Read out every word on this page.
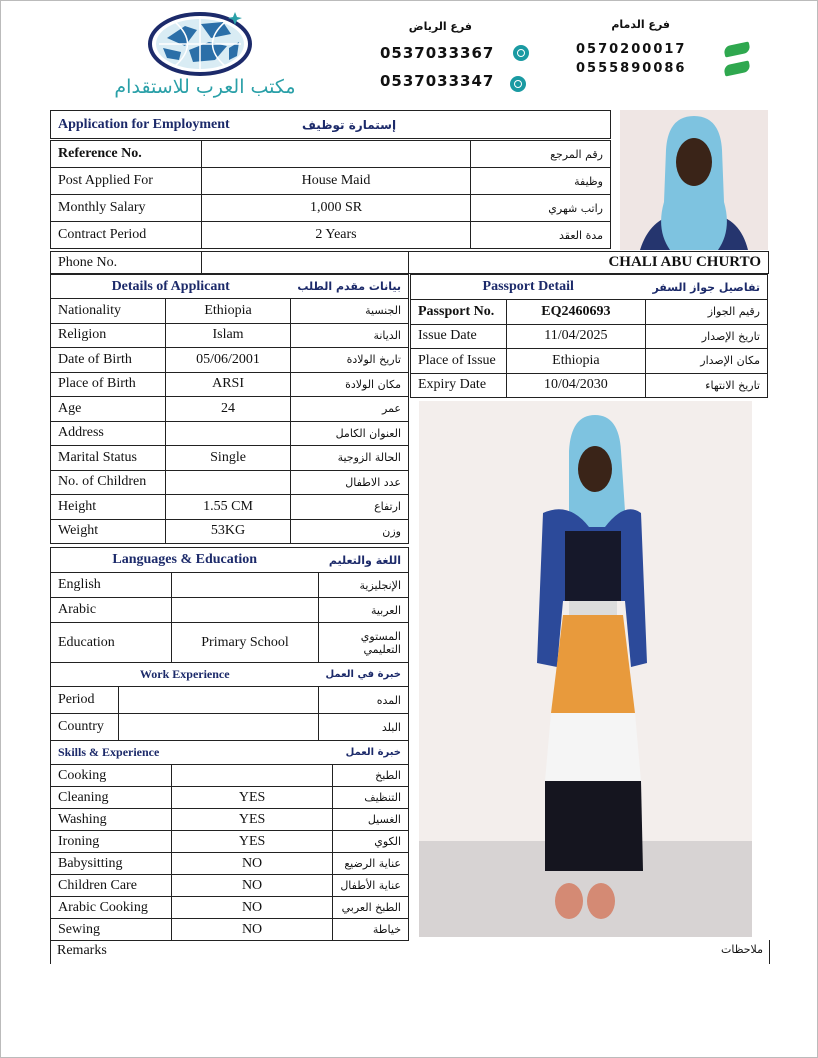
مكتب العرب للاستقدام
فرع الرياض	فرع الدمام
0537033367
0537033347
0570200017
0555890086
Application for Employment	إستمارة توظيف
Reference No.		رقم المرجع
Post Applied For	House Maid	وظيفة
Monthly Salary	1,000 SR	راتب شهري
Contract Period	2 Years	مدة العقد
Phone No.		CHALI ABU CHURTO
Details of Applicant		بيانات مقدم الطلب
Nationality	Ethiopia	الجنسية
Religion	Islam	الديانة
Date of Birth	05/06/2001	تاريخ الولادة
Place of Birth	ARSI	مكان الولادة
Age	24	عمر
Address		العنوان الكامل
Marital Status	Single	الحالة الزوجية
No. of Children		عدد الاطفال
Height	1.55 CM	ارتفاع
Weight	53KG	وزن
Languages & Education		اللغة والتعليم
English		الإنجليزية
Arabic		العربية
Education	Primary School	المستوي التعليمي
Work Experience		خبرة في العمل
Period		المده
Country		البلد
Skills & Experience		خبرة العمل
Cooking		الطبخ
Cleaning	YES	التنظيف
Washing	YES	الغسيل
Ironing	YES	الكوي
Babysitting	NO	عناية الرضيع
Children Care	NO	عناية الأطفال
Arabic Cooking	NO	الطبخ العربي
Sewing	NO	خياطة
Remarks	ملاحظات
Passport Detail		تفاصيل جواز السفر
Passport No.	EQ2460693	رقيم الجواز
Issue Date	11/04/2025	تاريخ الإصدار
Place of Issue	Ethiopia	مكان الإصدار
Expiry Date	10/04/2030	تاريخ الانتهاء
